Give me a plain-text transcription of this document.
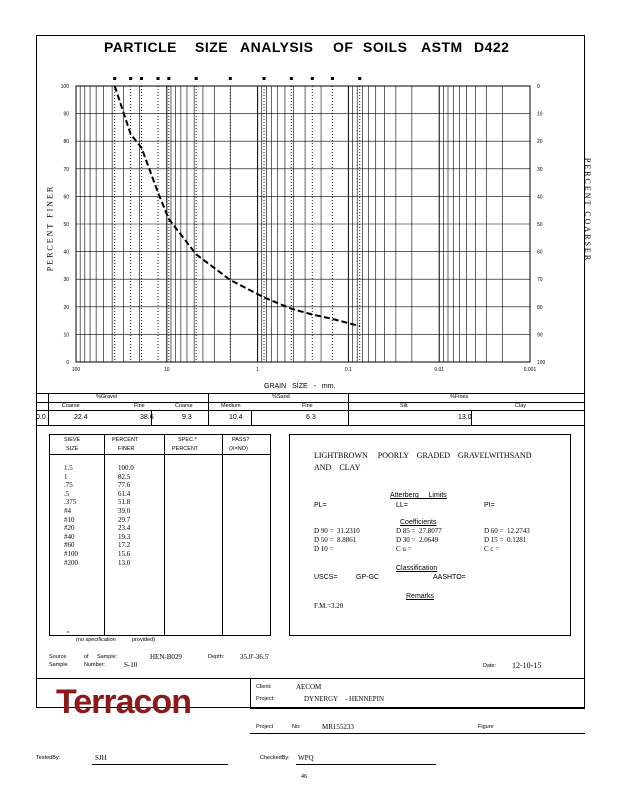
PARTICLE SIZE ANALYSIS OF SOILS ASTM D422
PERCENT FINER	PERCENT COARSER
100
90
80
70
60
50
40
30
20
10
0
0
10
20
30
40
50
60
70
80
90
100
100	10	1	0.1	0.01	0.001
GRAIN SIZE - mm.
%Gravel	%Sand	%Fines
Coarse	Fine	Coarse	Medium	Fine	Silt	Clay
0.0	22.4	38.6	9.3	10.4	6.3	13.0
SIEVE
SIZE
PERCENT
FINER
SPEC.*
PERCENT
PASS?
(X=NO)
1.5	100.0
1	82.5
.75	77.6
.5	61.4
.375	51.8
#4	39.0
#10	29.7
#20	23.4
#40	19.3
#60	17.2
#100	15.6
#200	13.0
*
(no specification	provided)
LIGHTBROWN     POORLY    GRADED    GRAVELWITHSAND
AND    CLAY
Atterberg     Limits
PL=	LL=	PI=
Coefficients
D 90 =  31.2310	D 85 =  27.8077	D 60 =  12.2743
D 50 =  8.8861	D 30 =  2.0649	D 15 =  0.1281
D 10 =	C u =	C c =
Classification
USCS=	GP-GC	AASHTO=
Remarks
F.M.=3.20
Source	of Sample:	HEN-B029	Depth: 35.0'-36.5'
Sample	Number:	S-10	Date: 12-10-15
Terracon	Client:	AECOM
Project:	DYNERGY    - HENNEPIN
Project	No:	MR155233	Figure
TestedBy:	SJH	CheckedBy: WPQ
46
